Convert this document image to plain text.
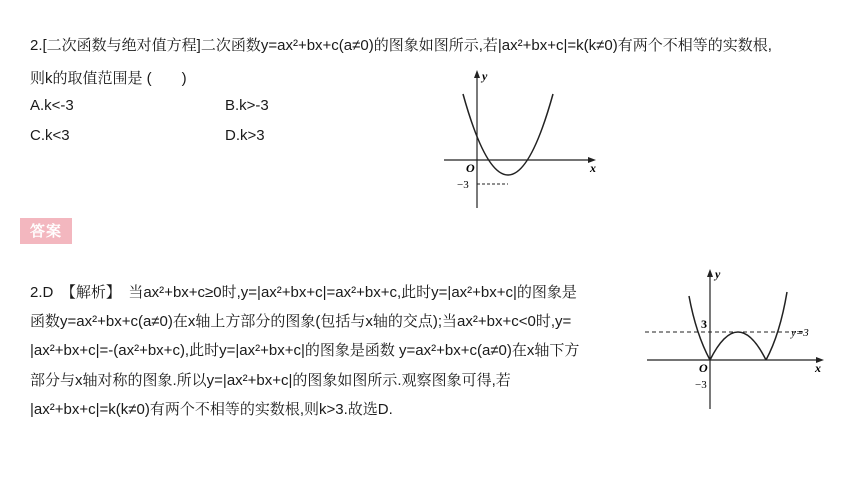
2.[二次函数与绝对值方程]二次函数y=ax²+bx+c(a≠0)的图象如图所示,若|ax²+bx+c|=k(k≠0)有两个不相等的实数根,
则k的取值范围是 (　　)
A.k<-3	B.k>-3
C.k<3	D.k>3
y
x
O
−3
答案
2.D　【解析】　当ax²+bx+c≥0时,y=|ax²+bx+c|=ax²+bx+c,此时y=|ax²+bx+c|的图象是
函数y=ax²+bx+c(a≠0)在x轴上方部分的图象(包括与x轴的交点);当ax²+bx+c<0时,y=
|ax²+bx+c|=-(ax²+bx+c),此时y=|ax²+bx+c|的图象是函数 y=ax²+bx+c(a≠0)在x轴下方
部分与x轴对称的图象.所以y=|ax²+bx+c|的图象如图所示.观察图象可得,若
|ax²+bx+c|=k(k≠0)有两个不相等的实数根,则k>3.故选D.
y
x
O
3
−3
y=3
